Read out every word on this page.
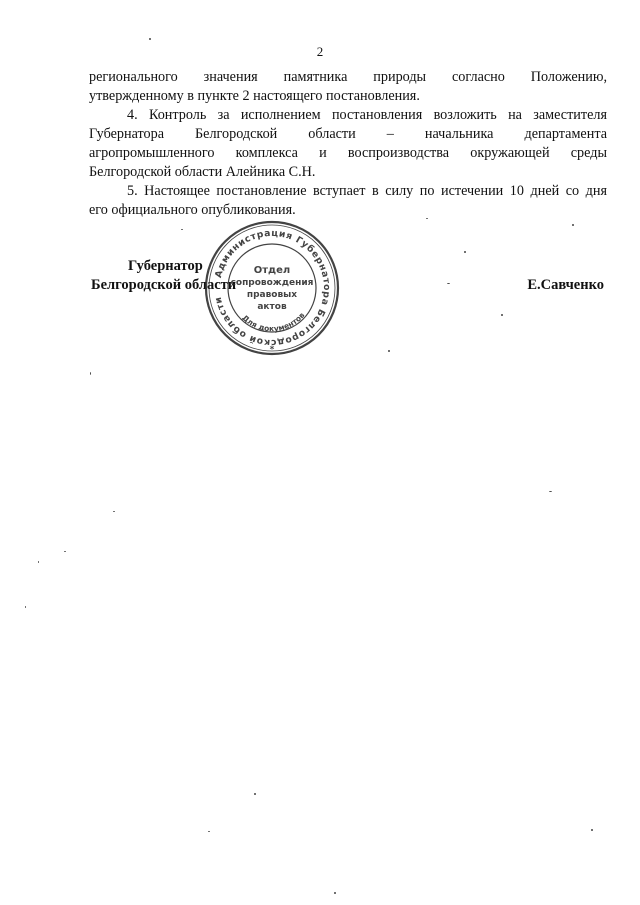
2

регионального значения памятника природы согласно Положению,

утвержденному в пункте 2 настоящего постановления.

4. Контроль за исполнением постановления возложить на заместителя

Губернатора Белгородской области – начальника департамента

агропромышленного комплекса и воспроизводства окружающей среды

Белгородской области Алейника С.Н.

5. Настоящее постановление вступает в силу по истечении 10 дней со дня

его официального опубликования.

Губернатор
Белгородской области	Е.Савченко
Администрация Губернатора Белгородской области
Для документов
Отдел
сопровождения
правовых
актов
*
